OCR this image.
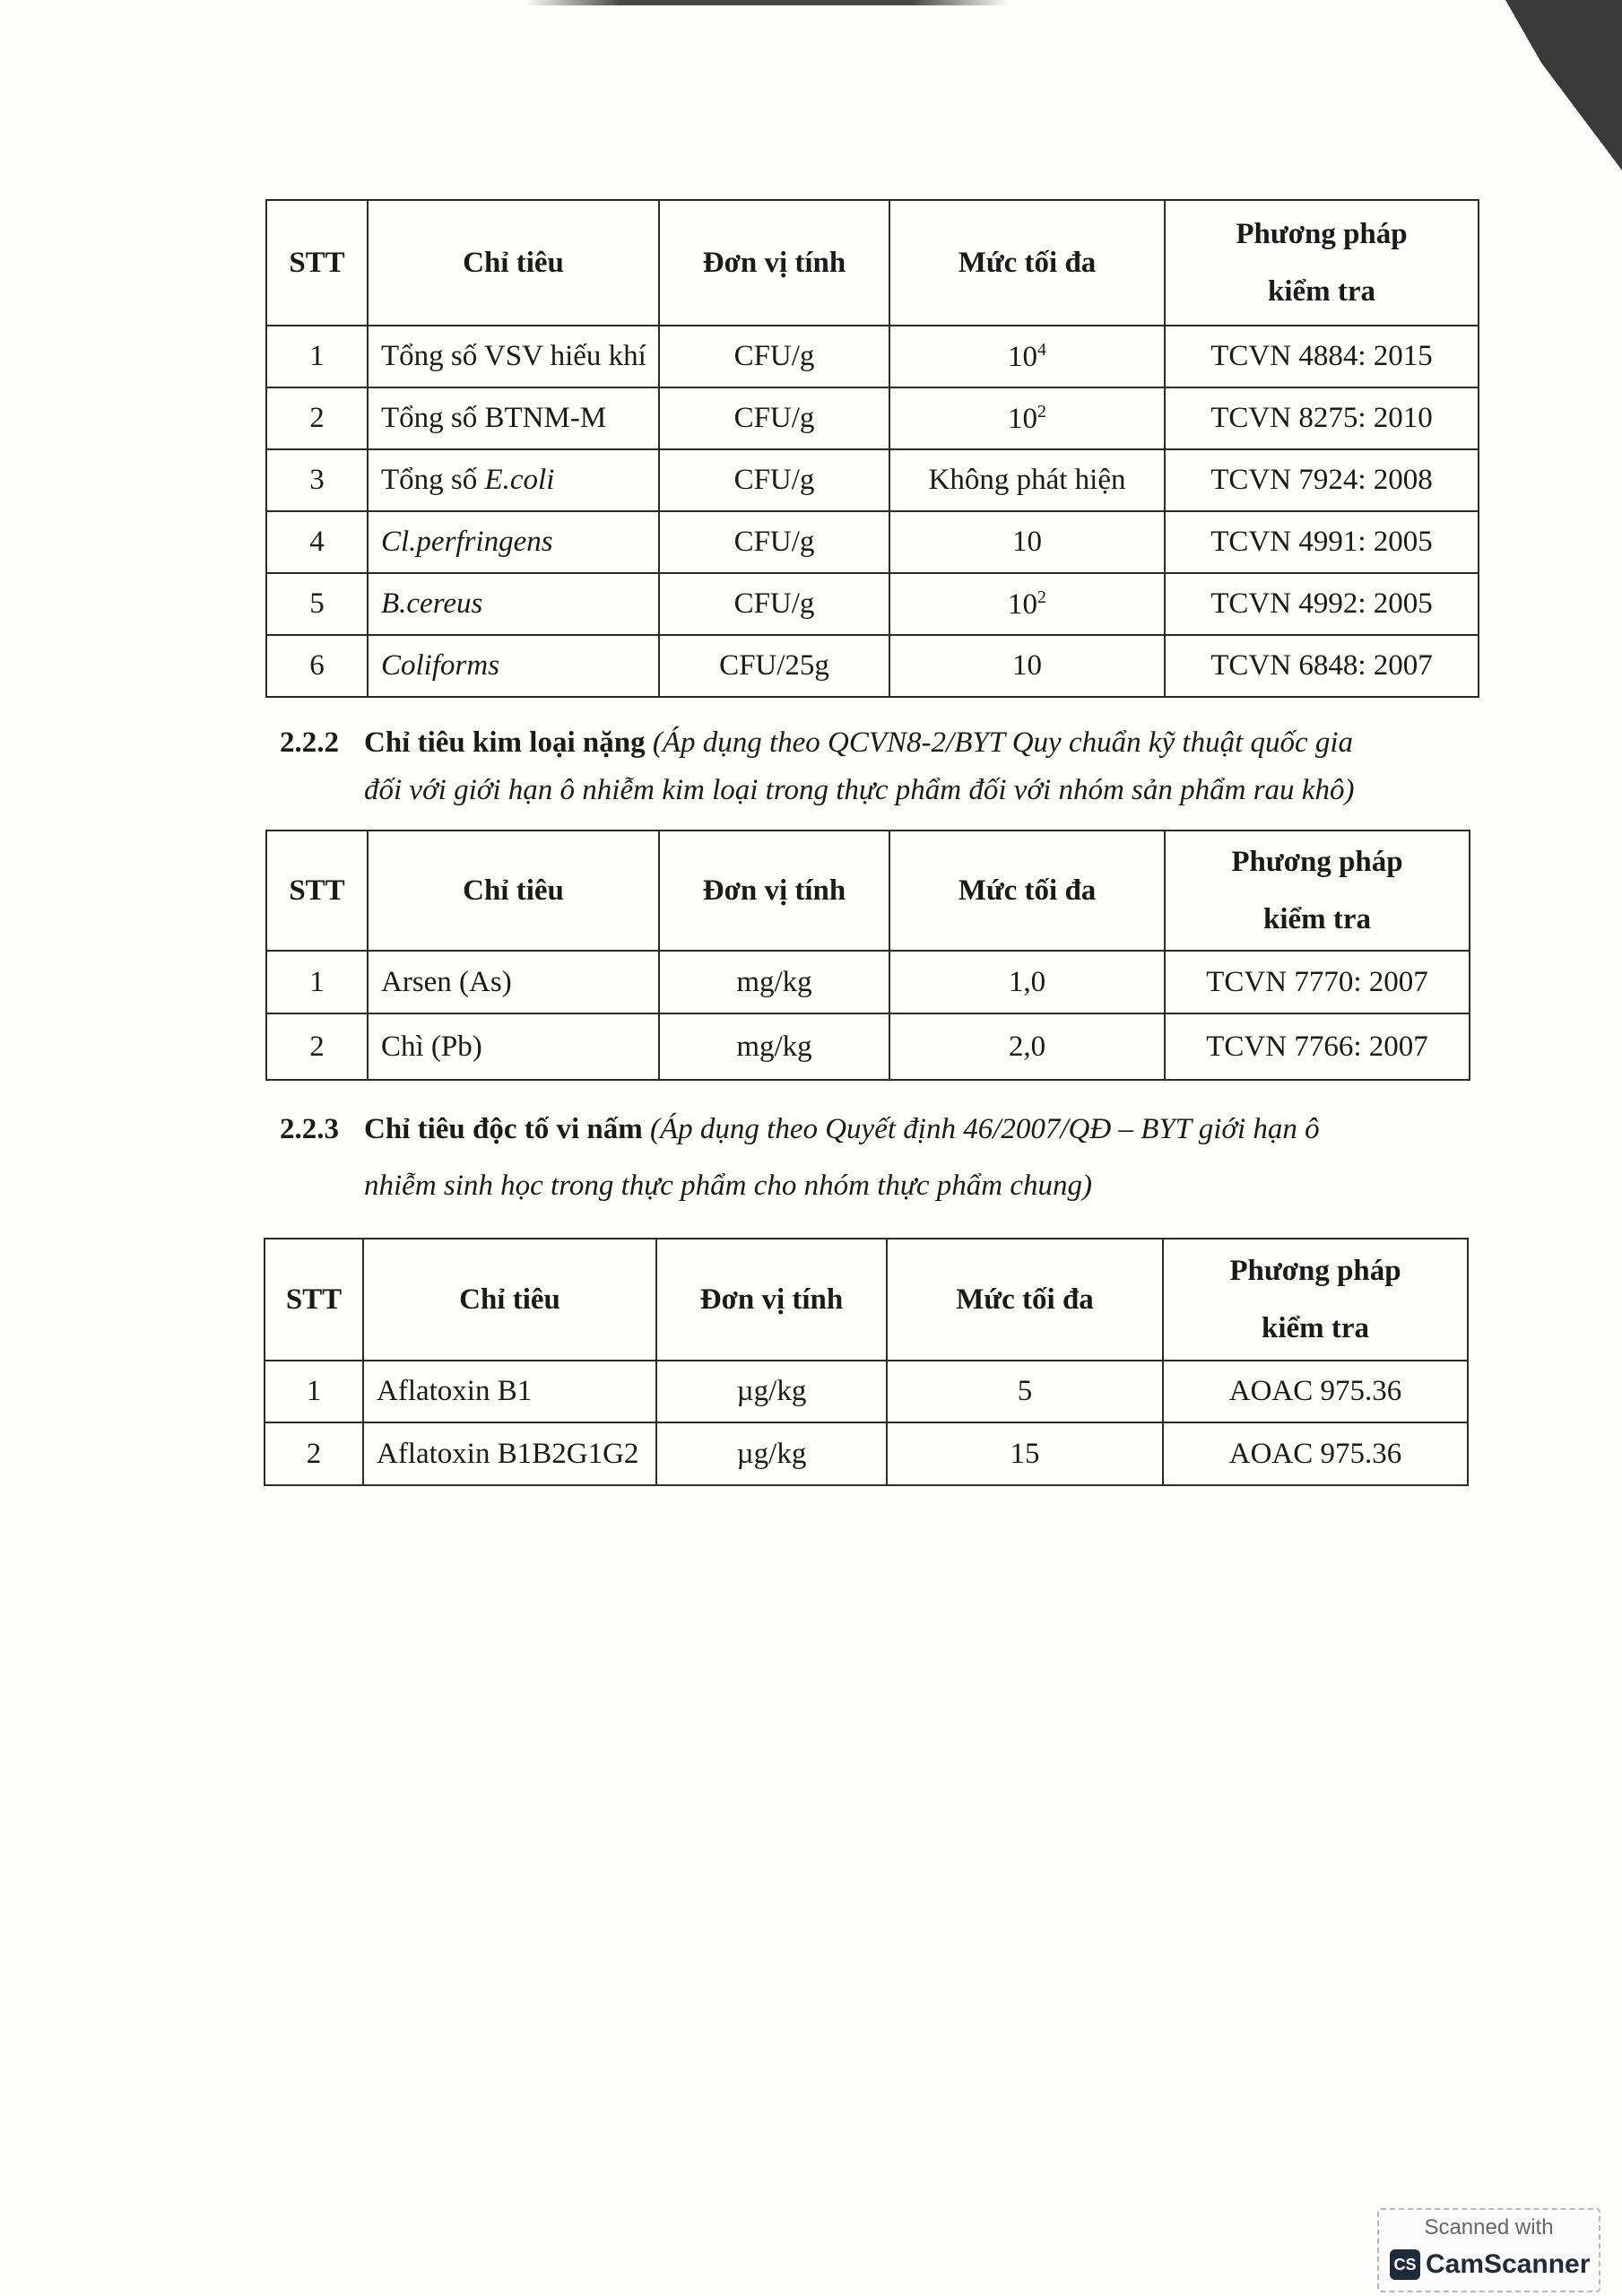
STT	Chỉ tiêu	Đơn vị tính	Mức tối đa	Phương pháp
kiểm tra
1	Tổng số VSV hiếu khí	CFU/g	$10^4$	TCVN 4884: 2015
2	Tổng số BTNM-M	CFU/g	$10^2$	TCVN 8275: 2010
3	Tổng số E.coli	CFU/g	Không phát hiện	TCVN 7924: 2008
4	Cl.perfringens	CFU/g	10	TCVN 4991: 2005
5	B.cereus	CFU/g	$10^2$	TCVN 4992: 2005
6	Coliforms	CFU/25g	10	TCVN 6848: 2007
2.2.2 Chỉ tiêu kim loại nặng (Áp dụng theo QCVN8-2/BYT Quy chuẩn kỹ thuật quốc gia
đối với giới hạn ô nhiễm kim loại trong thực phẩm đối với nhóm sản phẩm rau khô)
STT	Chỉ tiêu	Đơn vị tính	Mức tối đa	Phương pháp
kiểm tra
1	Arsen (As)	mg/kg	1,0	TCVN 7770: 2007
2	Chì (Pb)	mg/kg	2,0	TCVN 7766: 2007
2.2.3 Chỉ tiêu độc tố vi nấm (Áp dụng theo Quyết định 46/2007/QĐ – BYT giới hạn ô
nhiễm sinh học trong thực phẩm cho nhóm thực phẩm chung)
STT	Chỉ tiêu	Đơn vị tính	Mức tối đa	Phương pháp
kiểm tra
1	Aflatoxin B1	µg/kg	5	AOAC 975.36
2	Aflatoxin B1B2G1G2	µg/kg	15	AOAC 975.36
Scanned with
CS CamScanner
